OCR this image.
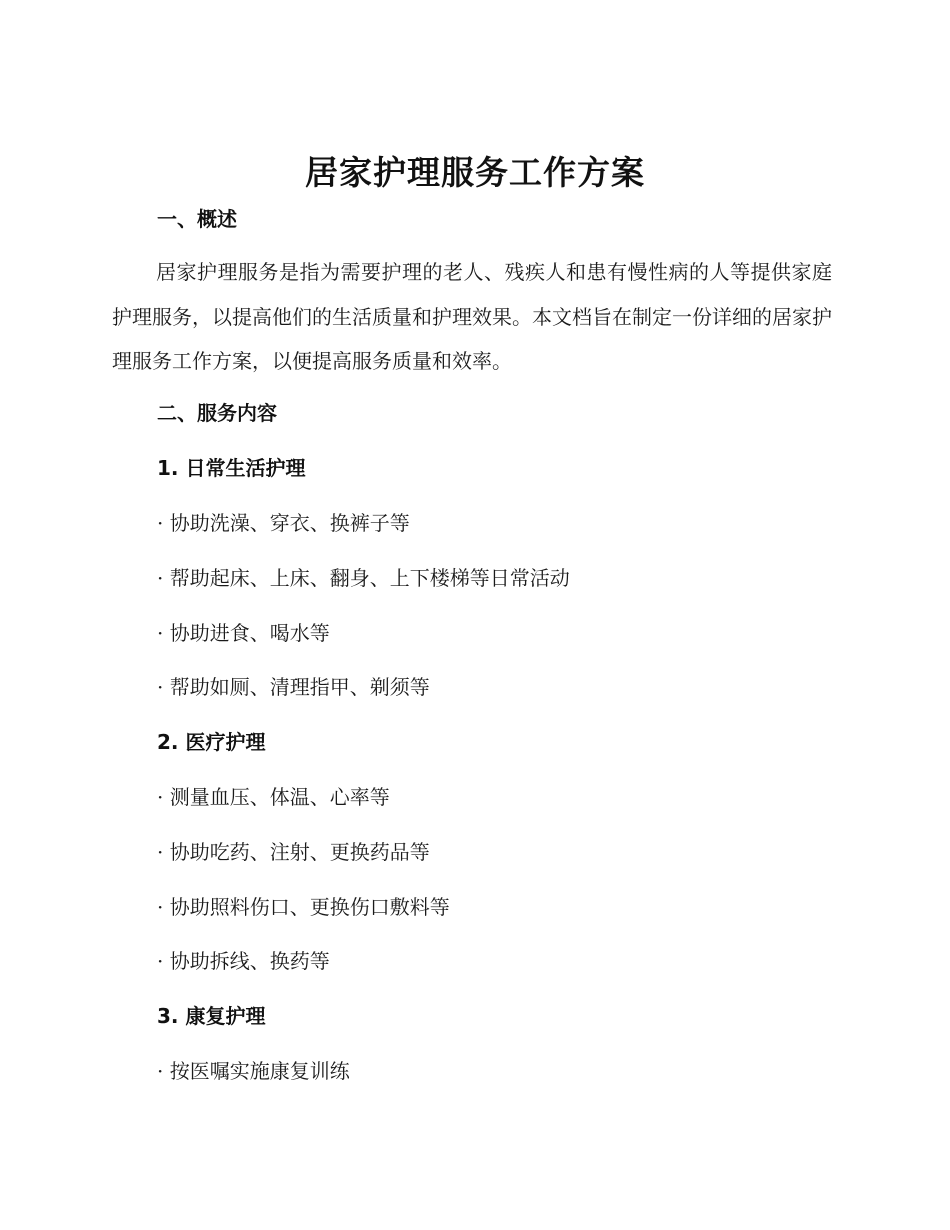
居家护理服务工作方案
一、概述

居家护理服务是指为需要护理的老人、残疾人和患有慢性病的人等提供家庭护理服务，以提高他们的生活质量和护理效果。本文档旨在制定一份详细的居家护理服务工作方案，以便提高服务质量和效率。

二、服务内容
1. 日常生活护理
· 协助洗澡、穿衣、换裤子等
· 帮助起床、上床、翻身、上下楼梯等日常活动
· 协助进食、喝水等
· 帮助如厕、清理指甲、剃须等
2. 医疗护理
· 测量血压、体温、心率等
· 协助吃药、注射、更换药品等
· 协助照料伤口、更换伤口敷料等
· 协助拆线、换药等
3. 康复护理
· 按医嘱实施康复训练
